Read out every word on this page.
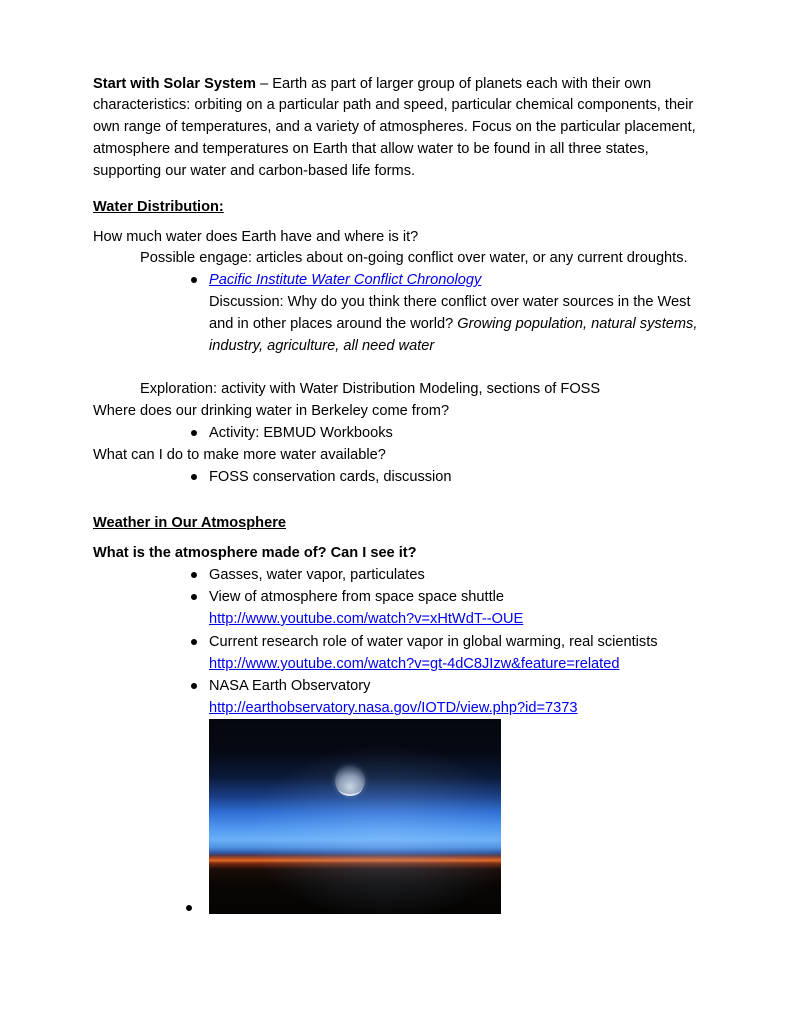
Start with Solar System – Earth as part of larger group of planets each with their own
characteristics: orbiting on a particular path and speed, particular chemical components, their
own range of temperatures, and a variety of atmospheres. Focus on the particular placement,
atmosphere and temperatures on Earth that allow water to be found in all three states,
supporting our water and carbon-based life forms.
Water Distribution:
How much water does Earth have and where is it?
Possible engage: articles about on-going conflict over water, or any current droughts.
Pacific Institute Water Conflict Chronology
Discussion: Why do you think there conflict over water sources in the West
and in other places around the world? Growing population, natural systems,
industry, agriculture, all need water
Exploration: activity with Water Distribution Modeling, sections of FOSS
Where does our drinking water in Berkeley come from?
Activity: EBMUD Workbooks
What can I do to make more water available?
FOSS conservation cards, discussion
Weather in Our Atmosphere
What is the atmosphere made of? Can I see it?
Gasses, water vapor, particulates
View of atmosphere from space space shuttle
http://www.youtube.com/watch?v=xHtWdT--OUE
Current research role of water vapor in global warming, real scientists
http://www.youtube.com/watch?v=gt-4dC8JIzw&feature=related
NASA Earth Observatory
http://earthobservatory.nasa.gov/IOTD/view.php?id=7373
